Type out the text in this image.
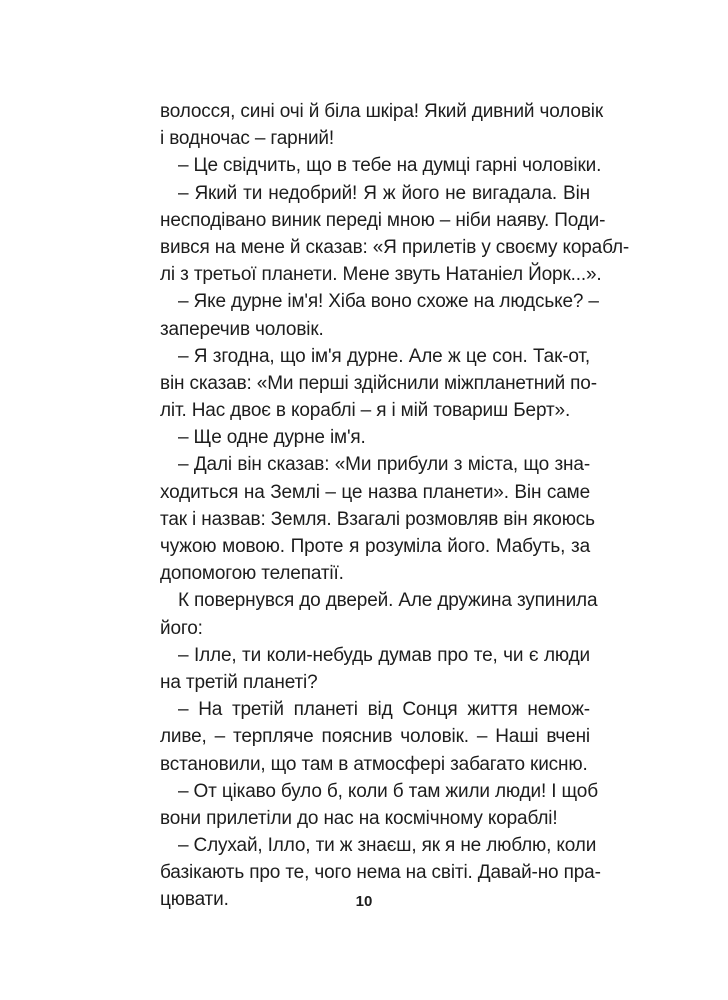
волосся, сині очі й біла шкіра! Який дивний чоловік
і водночас – гарний!
– Це свідчить, що в тебе на думці гарні чоловіки.
– Який ти недобрий! Я ж його не вигадала. Він
несподівано виник переді мною – ніби наяву. Поди-
вився на мене й сказав: «Я прилетів у своєму корабл-
лі з третьої планети. Мене звуть Натаніел Йорк...».
– Яке дурне ім'я! Хіба воно схоже на людське? –
заперечив чоловік.
– Я згодна, що ім'я дурне. Але ж це сон. Так-от,
він сказав: «Ми перші здійснили міжпланетний по-
літ. Нас двоє в кораблі – я і мій товариш Берт».
– Ще одне дурне ім'я.
– Далі він сказав: «Ми прибули з міста, що зна-
ходиться на Землі – це назва планети». Він саме
так і назвав: Земля. Взагалі розмовляв він якоюсь
чужою мовою. Проте я розуміла його. Мабуть, за
допомогою телепатії.
К повернувся до дверей. Але дружина зупинила
його:
– Ілле, ти коли-небудь думав про те, чи є люди
на третій планеті?
– На третій планеті від Сонця життя немож-
ливе, – терпляче пояснив чоловік. – Наші вчені
встановили, що там в атмосфері забагато кисню.
– От цікаво було б, коли б там жили люди! І щоб
вони прилетіли до нас на космічному кораблі!
– Слухай, Ілло, ти ж знаєш, як я не люблю, коли
базікають про те, чого нема на світі. Давай-но пра-
цювати.	10
